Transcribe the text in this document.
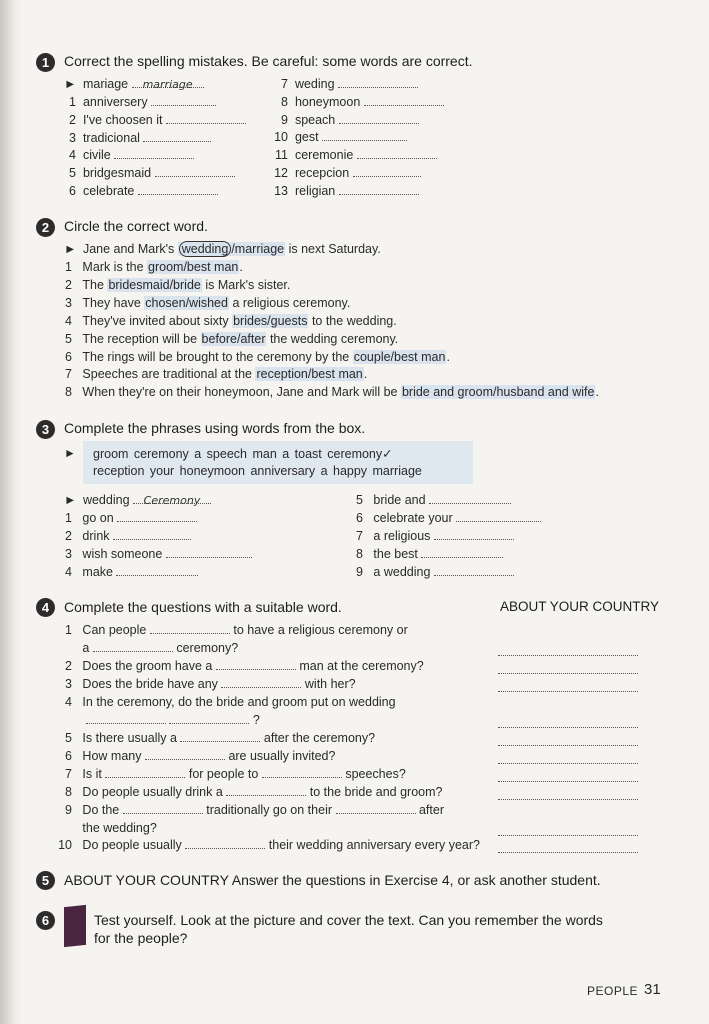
1	Correct the spelling mistakes. Be careful: some words are correct.
► mariage marriage
1 anniversery
2 I've choosen it
3 tradicional
4 civile
5 bridgesmaid
6 celebrate
7 weding
8 honeymoon
9 speach
10 gest
11 ceremonie
12 recepcion
13 religian
2	Circle the correct word.
► Jane and Mark's wedding /marriage is next Saturday.
1 Mark is the groom/best man.
2 The bridesmaid/bride is Mark's sister.
3 They have chosen/wished a religious ceremony.
4 They've invited about sixty brides/guests to the wedding.
5 The reception will be before/after the wedding ceremony.
6 The rings will be brought to the ceremony by the couple/best man.
7 Speeches are traditional at the reception/best man.
8 When they're on their honeymoon, Jane and Mark will be bride and groom/husband and wife.
3	Complete the phrases using words from the box.
► groom ceremony a speech man a toast ceremony✓
reception your honeymoon anniversary a happy marriage
► wedding Ceremony
1 go on
2 drink
3 wish someone
4 make
5 bride and
6 celebrate your
7 a religious
8 the best
9 a wedding
4	Complete the questions with a suitable word.	ABOUT YOUR COUNTRY
1 Can people	to have a religious ceremony or
a	ceremony?
2 Does the groom have a	man at the ceremony?
3 Does the bride have any	with her?
4 In the ceremony, do the bride and groom put on wedding
?
5 Is there usually a	after the ceremony?
6 How many	are usually invited?
7 Is it	for people to	speeches?
8 Do people usually drink a	to the bride and groom?
9 Do the	traditionally go on their	after
the wedding?
10 Do people usually	their wedding anniversary every year?
5	ABOUT YOUR COUNTRY Answer the questions in Exercise 4, or ask another student.
6	Test yourself. Look at the picture and cover the text. Can you remember the words
for the people?
PEOPLE 31
